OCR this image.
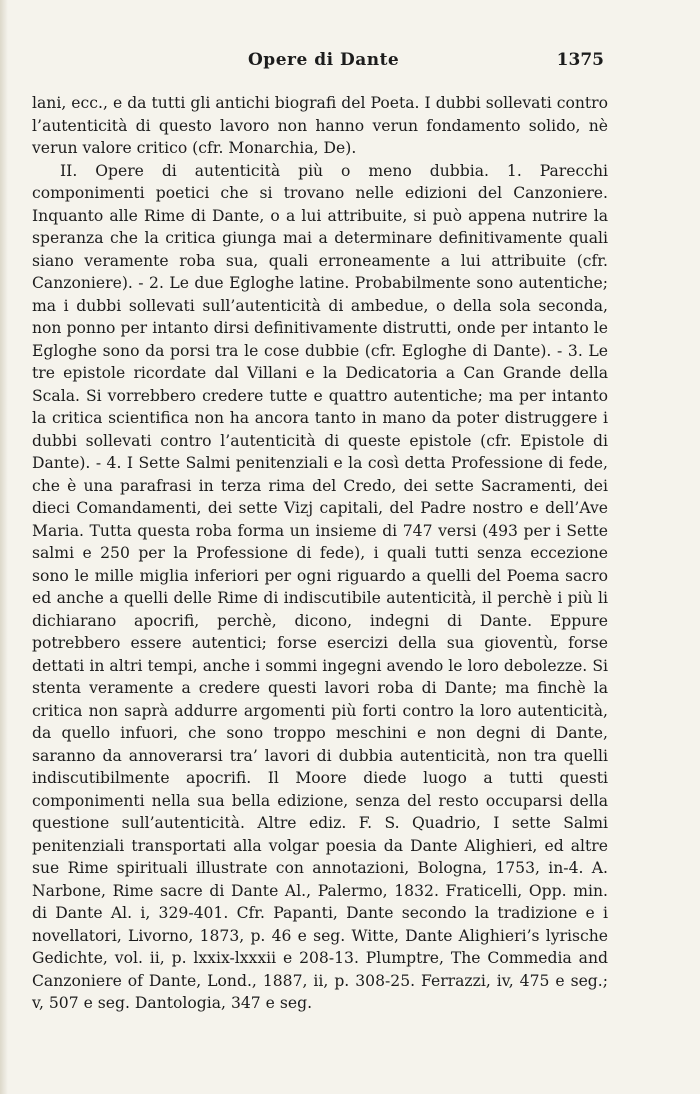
Opere di Dante	1375

lani, ecc., e da tutti gli antichi biografi del Poeta. I dubbi sollevati contro l’autenticità di questo lavoro non hanno verun fondamento solido, nè verun valore critico (cfr. Monarchia, De).

II. Opere di autenticità più o meno dubbia. 1. Parecchi componimenti poetici che si trovano nelle edizioni del Canzoniere. Inquanto alle Rime di Dante, o a lui attribuite, si può appena nutrire la speranza che la critica giunga mai a determinare definitivamente quali siano veramente roba sua, quali erroneamente a lui attribuite (cfr. Canzoniere). - 2. Le due Egloghe latine. Probabilmente sono autentiche; ma i dubbi sollevati sull’autenticità di ambedue, o della sola seconda, non ponno per intanto dirsi definitivamente distrutti, onde per intanto le Egloghe sono da porsi tra le cose dubbie (cfr. Egloghe di Dante). - 3. Le tre epistole ricordate dal Villani e la Dedicatoria a Can Grande della Scala. Si vorrebbero credere tutte e quattro autentiche; ma per intanto la critica scientifica non ha ancora tanto in mano da poter distruggere i dubbi sollevati contro l’autenticità di queste epistole (cfr. Epistole di Dante). - 4. I Sette Salmi penitenziali e la così detta Professione di fede, che è una parafrasi in terza rima del Credo, dei sette Sacramenti, dei dieci Comandamenti, dei sette Vizj capitali, del Padre nostro e dell’Ave Maria. Tutta questa roba forma un insieme di 747 versi (493 per i Sette salmi e 250 per la Professione di fede), i quali tutti senza eccezione sono le mille miglia inferiori per ogni riguardo a quelli del Poema sacro ed anche a quelli delle Rime di indiscutibile autenticità, il perchè i più li dichiarano apocrifi, perchè, dicono, indegni di Dante. Eppure potrebbero essere autentici; forse esercizi della sua gioventù, forse dettati in altri tempi, anche i sommi ingegni avendo le loro debolezze. Si stenta veramente a credere questi lavori roba di Dante; ma finchè la critica non saprà addurre argomenti più forti contro la loro autenticità, da quello infuori, che sono troppo meschini e non degni di Dante, saranno da annoverarsi tra’ lavori di dubbia autenticità, non tra quelli indiscutibilmente apocrifi. Il Moore diede luogo a tutti questi componimenti nella sua bella edizione, senza del resto occuparsi della questione sull’autenticità. Altre ediz. F. S. Quadrio, I sette Salmi penitenziali transportati alla volgar poesia da Dante Alighieri, ed altre sue Rime spirituali illustrate con annotazioni, Bologna, 1753, in-4. A. Narbone, Rime sacre di Dante Al., Palermo, 1832. Fraticelli, Opp. min. di Dante Al. i, 329-401. Cfr. Papanti, Dante secondo la tradizione e i novellatori, Livorno, 1873, p. 46 e seg. Witte, Dante Alighieri’s lyrische Gedichte, vol. ii, p. lxxix-lxxxii e 208-13. Plumptre, The Commedia and Canzoniere of Dante, Lond., 1887, ii, p. 308-25. Ferrazzi, iv, 475 e seg.; v, 507 e seg. Dantologia, 347 e seg.
